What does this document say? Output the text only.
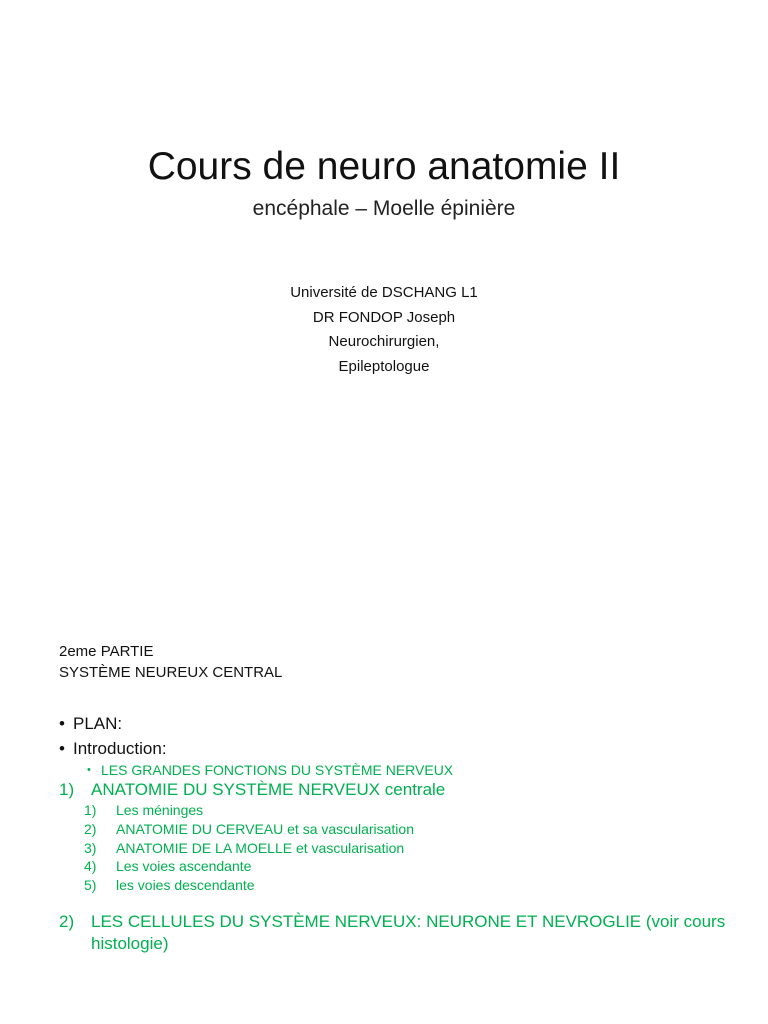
Cours de neuro anatomie II
encéphale – Moelle épinière
Université de DSCHANG L1
DR FONDOP Joseph
Neurochirurgien,
Epileptologue
2eme PARTIE
SYSTÈME NEUREUX CENTRAL
• PLAN:
• Introduction:
• LES GRANDES FONCTIONS DU SYSTÈME NERVEUX
1) ANATOMIE DU SYSTÈME NERVEUX centrale
1) Les méninges
2) ANATOMIE DU CERVEAU et sa vascularisation
3) ANATOMIE DE LA MOELLE et vascularisation
4) Les voies ascendante
5) les voies descendante
2) LES CELLULES DU SYSTÈME NERVEUX: NEURONE ET NEVROGLIE (voir cours histologie)
